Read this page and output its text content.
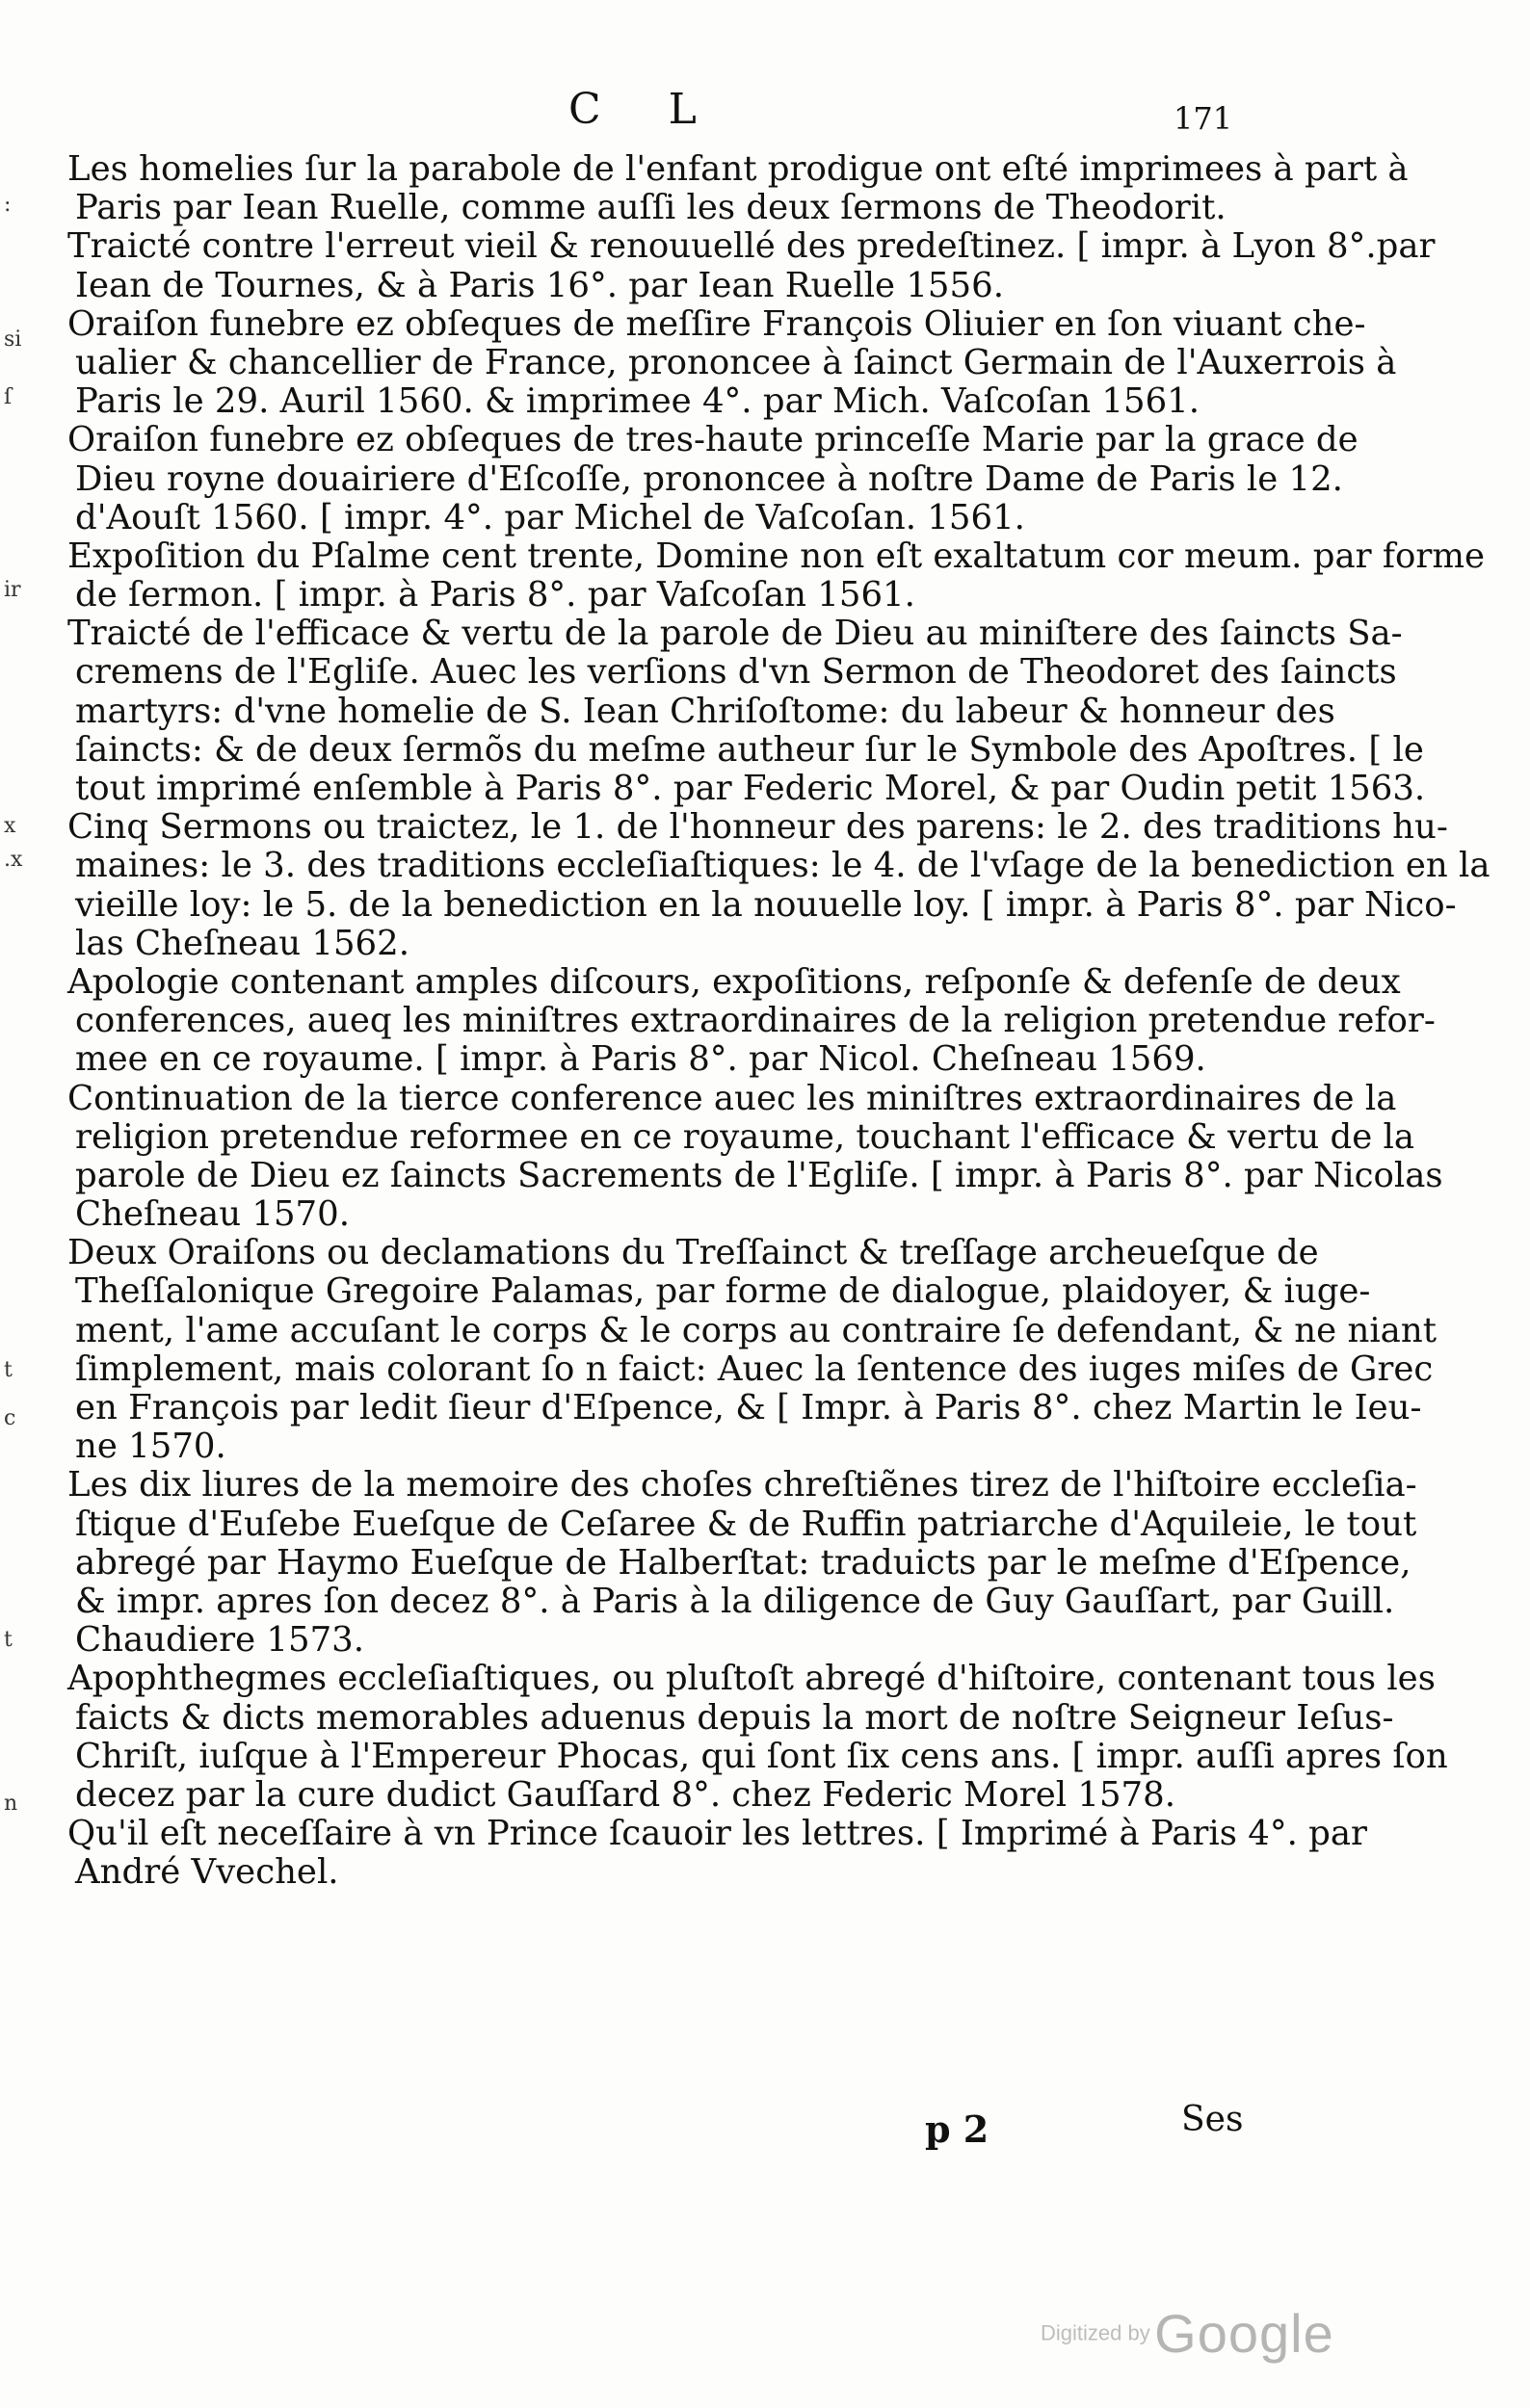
:
si
ſ
ir
x
.x
t
c
t
n
C L	171
Les homelies ſur la parabole de l'enfant prodigue ont eſté imprimees à part à
Paris par Iean Ruelle, comme auſſi les deux ſermons de Theodorit.
Traicté contre l'erreut vieil & renouuellé des predeſtinez. [ impr. à Lyon 8°.par
Iean de Tournes, & à Paris 16°. par Iean Ruelle 1556.
Oraiſon funebre ez obſeques de meſſire François Oliuier en ſon viuant che-
ualier & chancellier de France, prononcee à ſainct Germain de l'Auxerrois à
Paris le 29. Auril 1560. & imprimee 4°. par Mich. Vaſcoſan 1561.
Oraiſon funebre ez obſeques de tres-haute princeſſe Marie par la grace de
Dieu royne douairiere d'Eſcoſſe, prononcee à noſtre Dame de Paris le 12.
d'Aouſt 1560. [ impr. 4°. par Michel de Vaſcoſan. 1561.
Expoſition du Pſalme cent trente, Domine non eſt exaltatum cor meum. par forme
de ſermon. [ impr. à Paris 8°. par Vaſcoſan 1561.
Traicté de l'efficace & vertu de la parole de Dieu au miniſtere des ſaincts Sa-
cremens de l'Egliſe. Auec les verſions d'vn Sermon de Theodoret des ſaincts
martyrs: d'vne homelie de S. Iean Chriſoſtome: du labeur & honneur des
ſaincts: & de deux ſermõs du meſme autheur ſur le Symbole des Apoſtres. [ le
tout imprimé enſemble à Paris 8°. par Federic Morel, & par Oudin petit 1563.
Cinq Sermons ou traictez, le 1. de l'honneur des parens: le 2. des traditions hu-
maines: le 3. des traditions eccleſiaſtiques: le 4. de l'vſage de la benediction en la
vieille loy: le 5. de la benediction en la nouuelle loy. [ impr. à Paris 8°. par Nico-
las Cheſneau 1562.
Apologie contenant amples diſcours, expoſitions, reſponſe & defenſe de deux
conferences, aueq les miniſtres extraordinaires de la religion pretendue refor-
mee en ce royaume. [ impr. à Paris 8°. par Nicol. Cheſneau 1569.
Continuation de la tierce conference auec les miniſtres extraordinaires de la
religion pretendue reformee en ce royaume, touchant l'efficace & vertu de la
parole de Dieu ez ſaincts Sacrements de l'Egliſe. [ impr. à Paris 8°. par Nicolas
Cheſneau 1570.
Deux Oraiſons ou declamations du Treſſainct & treſſage archeueſque de
Theſſalonique Gregoire Palamas, par forme de dialogue, plaidoyer, & iuge-
ment, l'ame accuſant le corps & le corps au contraire ſe defendant, & ne niant
ſimplement, mais colorant ſo n faict: Auec la ſentence des iuges miſes de Grec
en François par ledit ſieur d'Eſpence, & [ Impr. à Paris 8°. chez Martin le Ieu-
ne 1570.
Les dix liures de la memoire des choſes chreſtiẽnes tirez de l'hiſtoire eccleſia-
ſtique d'Euſebe Eueſque de Ceſaree & de Ruffin patriarche d'Aquileie, le tout
abregé par Haymo Eueſque de Halberſtat: traduicts par le meſme d'Eſpence,
& impr. apres ſon decez 8°. à Paris à la diligence de Guy Gauſſart, par Guill.
Chaudiere 1573.
Apophthegmes eccleſiaſtiques, ou pluſtoſt abregé d'hiſtoire, contenant tous les
faicts & dicts memorables aduenus depuis la mort de noſtre Seigneur Ieſus-
Chriſt, iuſque à l'Empereur Phocas, qui ſont ſix cens ans. [ impr. auſſi apres ſon
decez par la cure dudict Gauſſard 8°. chez Federic Morel 1578.
Qu'il eſt neceſſaire à vn Prince ſcauoir les lettres. [ Imprimé à Paris 4°. par
André Vvechel.
p 2	Ses
Digitized by Google
